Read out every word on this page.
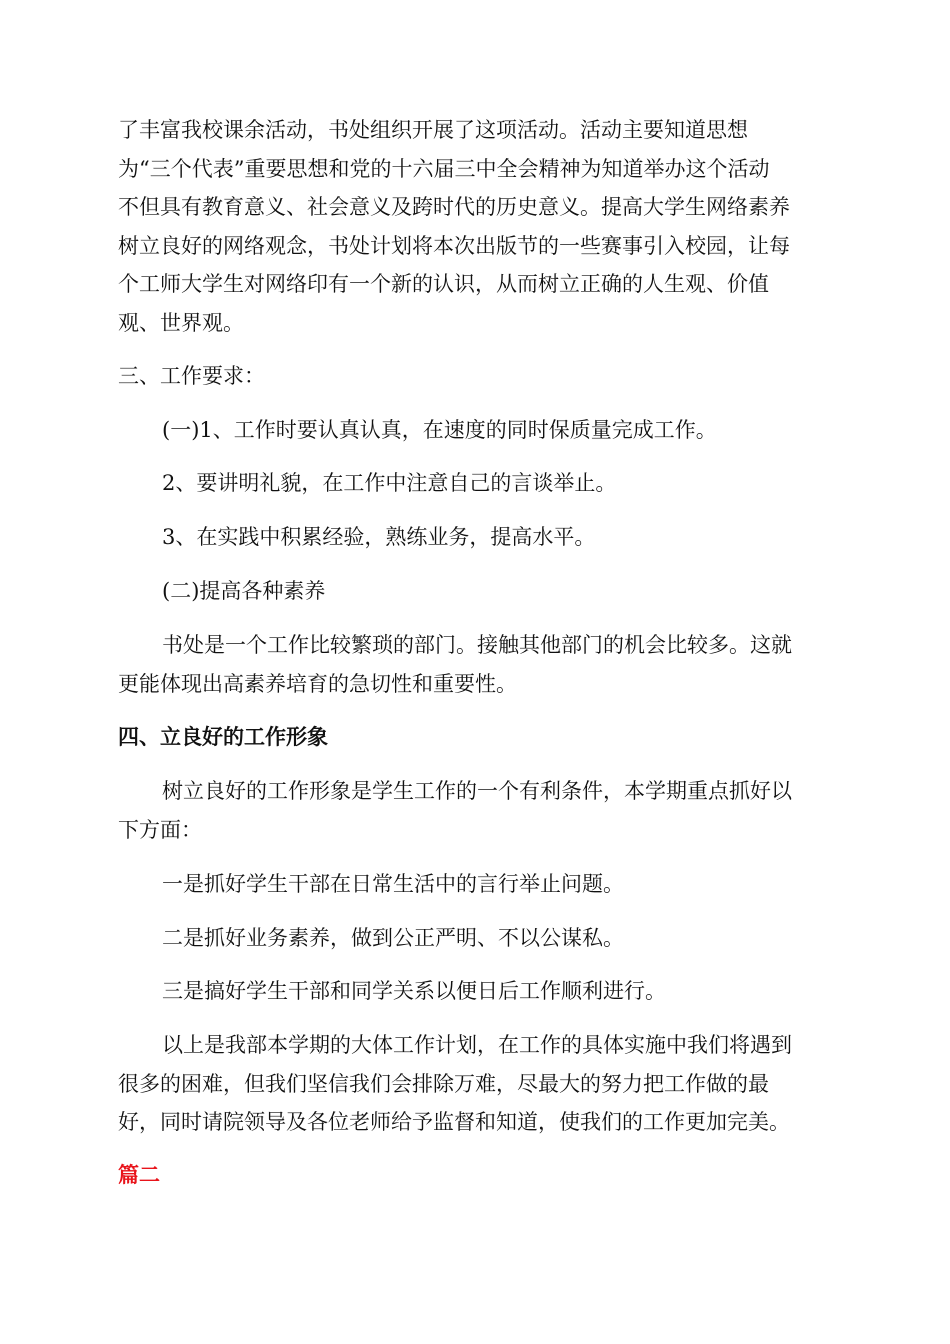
了丰富我校课余活动，书处组织开展了这项活动。活动主要知道思想
为“三个代表”重要思想和党的十六届三中全会精神为知道举办这个活动
不但具有教育意义、社会意义及跨时代的历史意义。提高大学生网络素养
树立良好的网络观念，书处计划将本次出版节的一些赛事引入校园，让每
个工师大学生对网络印有一个新的认识，从而树立正确的人生观、价值
观、世界观。
三、工作要求：
(一)1、工作时要认真认真，在速度的同时保质量完成工作。
2、要讲明礼貌，在工作中注意自己的言谈举止。
3、在实践中积累经验，熟练业务，提高水平。
(二)提高各种素养
书处是一个工作比较繁琐的部门。接触其他部门的机会比较多。这就
更能体现出高素养培育的急切性和重要性。
四、立良好的工作形象
树立良好的工作形象是学生工作的一个有利条件，本学期重点抓好以
下方面：
一是抓好学生干部在日常生活中的言行举止问题。
二是抓好业务素养，做到公正严明、不以公谋私。
三是搞好学生干部和同学关系以便日后工作顺利进行。
以上是我部本学期的大体工作计划，在工作的具体实施中我们将遇到
很多的困难，但我们坚信我们会排除万难，尽最大的努力把工作做的最
好，同时请院领导及各位老师给予监督和知道，使我们的工作更加完美。
篇二
